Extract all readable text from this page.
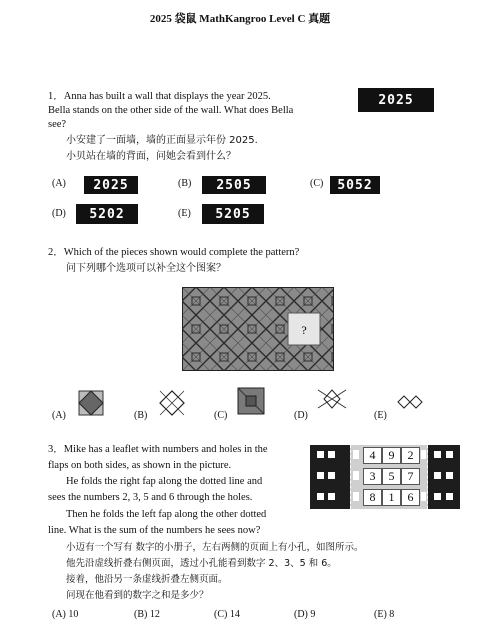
2025 袋鼠 MathKangroo Level C 真题
1．Anna has built a wall that displays the year 2025.
Bella stands on the other side of the wall. What does Bella
see?
小安建了一面墙，墙的正面显示年份 2025.
小贝站在墙的背面，问她会看到什么？
2025
(A) 2025	(B) 2505	(C) 5052
(D) 5202	(E) 5205
2．Which of the pieces shown would complete the pattern?
问下列哪个选项可以补全这个图案？
?
(A)	(B)	(C)	(D)	(E)
3．Mike has a leaflet with numbers and holes in the
flaps on both sides, as shown in the picture.
He folds the right fap along the dotted line and
sees the numbers 2, 3, 5 and 6 through the holes.
Then he folds the left fap along the other dotted
line. What is the sum of the numbers he sees now?
小迈有一个写有 数字的小册子，左右两侧的页面上有小孔，如图所示。
他先沿虚线折叠右侧页面，透过小孔能看到数字 2、3、5 和 6。
接着，他沿另一条虚线折叠左侧页面。
问现在他看到的数字之和是多少？
4	9	2
3	5	7
8	1	6
(A) 10	(B) 12	(C) 14	(D) 9	(E) 8
